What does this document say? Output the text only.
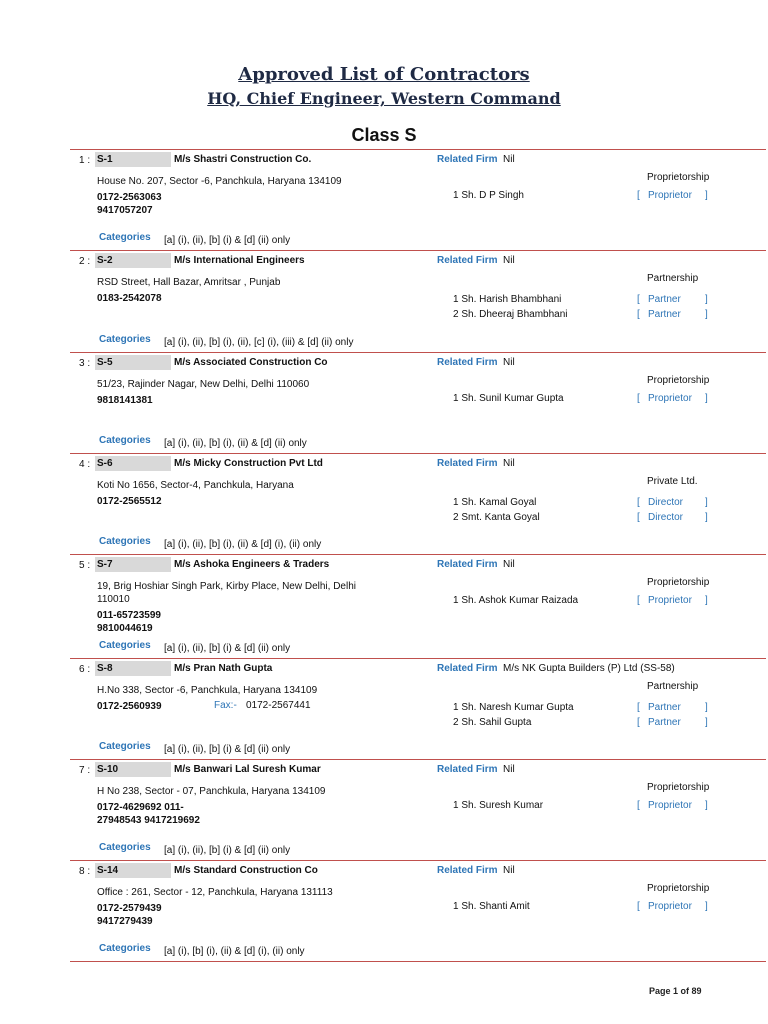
Approved List of Contractors
HQ, Chief Engineer, Western Command
Class S
1 : S-1	M/s Shastri Construction Co.	Related Firm Nil
House No. 207, Sector -6, Panchkula, Haryana 134109
0172-2563063
9417057207
Proprietorship
1 Sh. D P Singh	[ Proprietor ]
Categories [a] (i), (ii), [b] (i) & [d] (ii) only
2 : S-2	M/s International Engineers	Related Firm Nil
RSD Street, Hall Bazar, Amritsar , Punjab
0183-2542078
Partnership
1 Sh. Harish Bhambhani	[ Partner ]
2 Sh. Dheeraj Bhambhani	[ Partner ]
Categories [a] (i), (ii), [b] (i), (ii), [c] (i), (iii) & [d] (ii) only
3 : S-5	M/s Associated Construction Co	Related Firm Nil
51/23, Rajinder Nagar, New Delhi, Delhi 110060
9818141381
Proprietorship
1 Sh. Sunil Kumar Gupta	[ Proprietor ]
Categories [a] (i), (ii), [b] (i), (ii) & [d] (ii) only
4 : S-6	M/s Micky Construction Pvt Ltd	Related Firm Nil
Koti No 1656, Sector-4, Panchkula, Haryana
0172-2565512
Private Ltd.
1 Sh. Kamal Goyal	[ Director ]
2 Smt. Kanta Goyal	[ Director ]
Categories [a] (i), (ii), [b] (i), (ii) & [d] (i), (ii) only
5 : S-7	M/s Ashoka Engineers & Traders	Related Firm Nil
19, Brig Hoshiar Singh Park, Kirby Place, New Delhi, Delhi 110010
011-65723599
9810044619
Proprietorship
1 Sh. Ashok Kumar Raizada	[ Proprietor ]
Categories [a] (i), (ii), [b] (i) & [d] (ii) only
6 : S-8	M/s Pran Nath Gupta	Related Firm M/s NK Gupta Builders (P) Ltd (SS-58)
H.No 338, Sector -6, Panchkula, Haryana 134109
0172-2560939	Fax:- 0172-2567441
Partnership
1 Sh. Naresh Kumar Gupta	[ Partner ]
2 Sh. Sahil Gupta	[ Partner ]
Categories [a] (i), (ii), [b] (i) & [d] (ii) only
7 : S-10	M/s Banwari Lal Suresh Kumar	Related Firm Nil
H No 238, Sector - 07, Panchkula, Haryana 134109
0172-4629692 011-
27948543 9417219692
Proprietorship
1 Sh. Suresh Kumar	[ Proprietor ]
Categories [a] (i), (ii), [b] (i) & [d] (ii) only
8 : S-14	M/s Standard Construction Co	Related Firm Nil
Office : 261, Sector - 12, Panchkula, Haryana 131113
0172-2579439
9417279439
Proprietorship
1 Sh. Shanti Amit	[ Proprietor ]
Categories [a] (i), [b] (i), (ii) & [d] (i), (ii) only
Page 1 of 89
